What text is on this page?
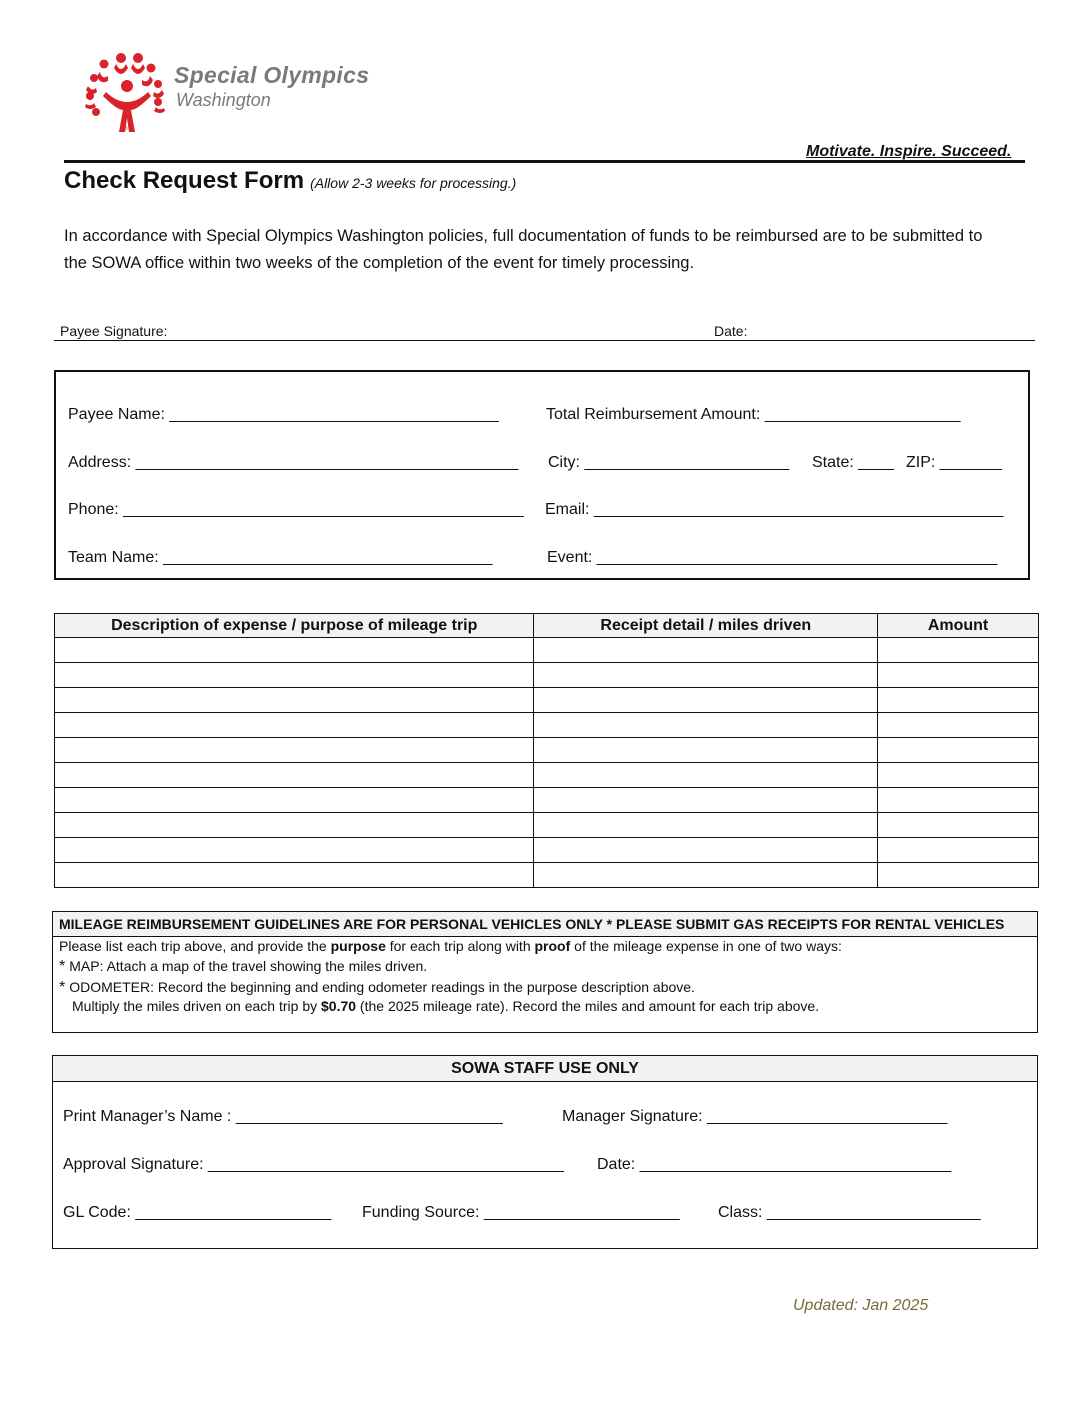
®
Special Olympics
Washington
Motivate. Inspire. Succeed.
Check Request Form (Allow 2-3 weeks for processing.)
In accordance with Special Olympics Washington policies, full documentation of funds to be reimbursed are to be submitted to the SOWA office within two weeks of the completion of the event for timely processing.
Payee Signature:	Date:
Payee Name: _____________________________________	Total Reimbursement Amount: ______________________
Address: ___________________________________________ City: _______________________ State: ____ ZIP: _______
Phone: _____________________________________________ Email: ______________________________________________
Team Name: _____________________________________	Event: _____________________________________________
Description of expense / purpose of mileage trip	Receipt detail / miles driven	Amount

MILEAGE REIMBURSEMENT GUIDELINES ARE FOR PERSONAL VEHICLES ONLY * PLEASE SUBMIT GAS RECEIPTS FOR RENTAL VEHICLES
Please list each trip above, and provide the purpose for each trip along with proof of the mileage expense in one of two ways:
* MAP: Attach a map of the travel showing the miles driven.
* ODOMETER: Record the beginning and ending odometer readings in the purpose description above.
Multiply the miles driven on each trip by $0.70 (the 2025 mileage rate). Record the miles and amount for each trip above.
SOWA STAFF USE ONLY
Print Manager’s Name : ______________________________	Manager Signature: ___________________________
Approval Signature: ________________________________________ Date: ___________________________________
GL Code: ______________________ Funding Source: ______________________ Class: ________________________
Updated: Jan 2025
